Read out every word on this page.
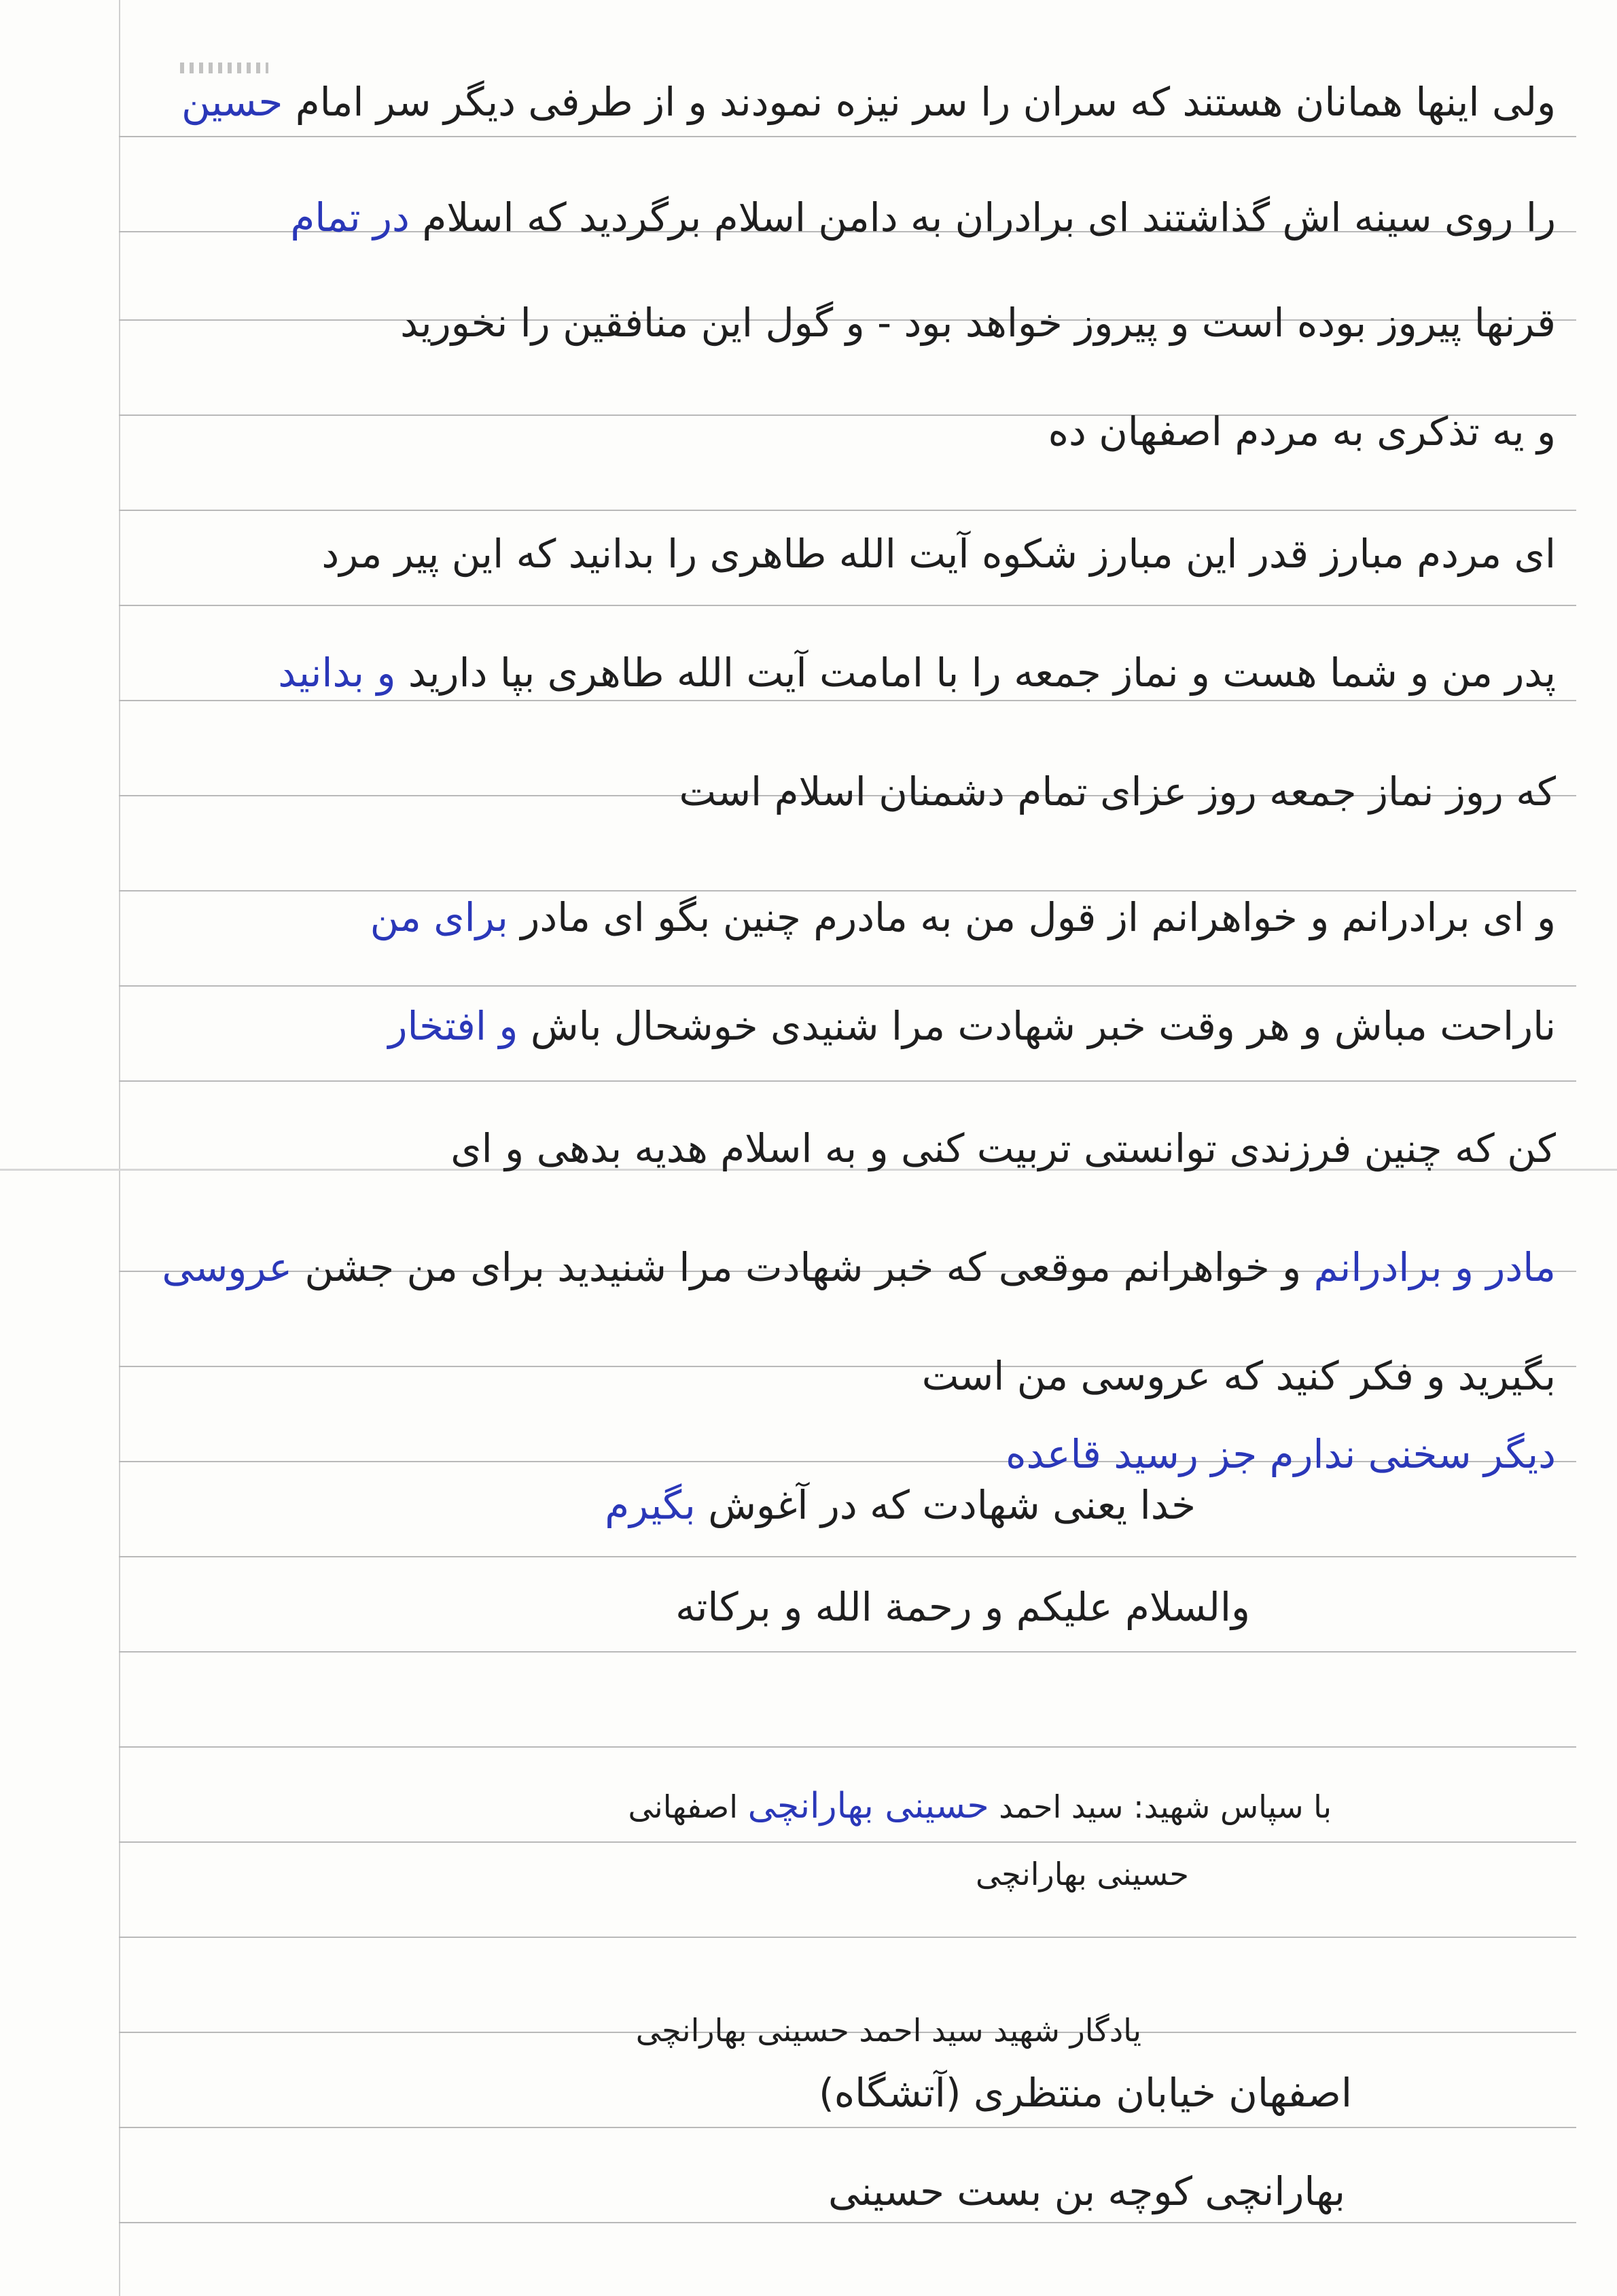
ولی اینها همانان هستند که سران را سر نیزه نمودند و از طرفی دیگر سر امام حسین
را روی سینه اش گذاشتند ای برادران به دامن اسلام برگردید که اسلام در تمام
قرنها پیروز بوده است و پیروز خواهد بود - و گول این منافقین را نخورید
و یه تذکری به مردم اصفهان ده
ای مردم مبارز قدر این مبارز شکوه آیت الله طاهری را بدانید که این پیر مرد
پدر من و شما هست و نماز جمعه را با امامت آیت الله طاهری بپا دارید و بدانید
که روز نماز جمعه روز عزای تمام دشمنان اسلام است
و ای برادرانم و خواهرانم از قول من به مادرم چنین بگو ای مادر برای من
ناراحت مباش و هر وقت خبر شهادت مرا شنیدی خوشحال باش و افتخار
کن که چنین فرزندی توانستی تربیت کنی و به اسلام هدیه بدهی و ای
مادر و برادرانم و خواهرانم موقعی که خبر شهادت مرا شنیدید برای من جشن عروسی
بگیرید و فکر کنید که عروسی من است
دیگر سخنی ندارم جز رسید قاعده
خدا یعنی شهادت که در آغوش بگیرم
والسلام علیکم و رحمة الله و برکاته
با سپاس شهید: سید احمد حسینی بهارانچی اصفهانی
حسینی بهارانچی
یادگار شهید سید احمد حسینی بهارانچی
اصفهان خیابان منتظری (آتشگاه)
بهارانچی کوچه بن بست حسینی
